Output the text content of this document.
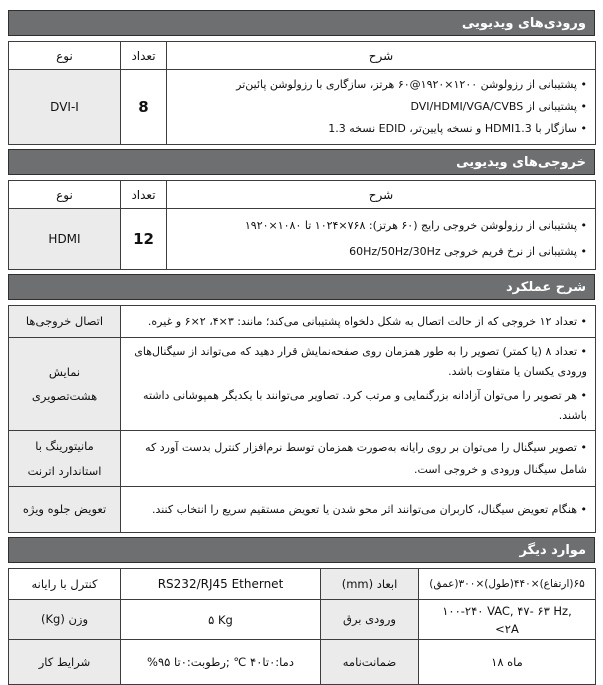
ورودی‌های ویدیویی
نوع	تعداد	شرح
DVI-I	8	• پشتیبانی از رزولوشن ۱۲۰۰×۱۹۲۰@۶۰ هرتز، سازگاری با رزولوشن پائین‌تر
• پشتیبانی از DVI/HDMI/VGA/CVBS
• سازگار با HDMI1.3 و نسخه پایین‌تر، EDID نسخه 1.3
خروجی‌های ویدیویی
نوع	تعداد	شرح
HDMI	12	• پشتیبانی از رزولوشن خروجی رایج (۶۰ هرتز): ۷۶۸×۱۰۲۴ تا ۱۰۸۰×۱۹۲۰
• پشتیبانی از نرخ فریم خروجی 60Hz/50Hz/30Hz
شرح عملکرد
اتصال خروجی‌ها	• تعداد ۱۲ خروجی که از حالت اتصال به شکل دلخواه پشتیبانی می‌کند؛ مانند: ۳×۴، ۲×۶ و غیره.

نمایش هشت‌تصویری	• تعداد ۸ (یا کمتر) تصویر را به طور همزمان روی صفحه‌نمایش قرار دهید که می‌تواند از سیگنال‌های ورودی یکسان یا متفاوت باشد.
• هر تصویر را می‌توان آزادانه بزرگنمایی و مرتب کرد. تصاویر می‌توانند با یکدیگر همپوشانی داشته باشند.

مانیتورینگ با استاندارد اترنت	• تصویر سیگنال را می‌توان بر روی رایانه به‌صورت همزمان توسط نرم‌افزار کنترل بدست آورد که شامل سیگنال ورودی و خروجی است.

تعویض جلوه ویژه	• هنگام تعویض سیگنال، کاربران می‌توانند اثر محو شدن یا تعویض مستقیم سریع را انتخاب کنند.
موارد دیگر
کنترل با رایانه	RS232/RJ45 Ethernet	ابعاد (mm)	۶۵(ارتفاع)×۴۴۰(طول)×۳۰۰(عمق)
وزن (Kg)	۵ Kg	ورودی برق	۱۰۰-۲۴۰ VAC, ۴۷- ۶۳ Hz,
<۲A

شرایط کار	دما:۰تا۴۰ ℃ ;رطوبت:۰تا ۹۵%	ضمانت‌نامه	۱۸ ماه
